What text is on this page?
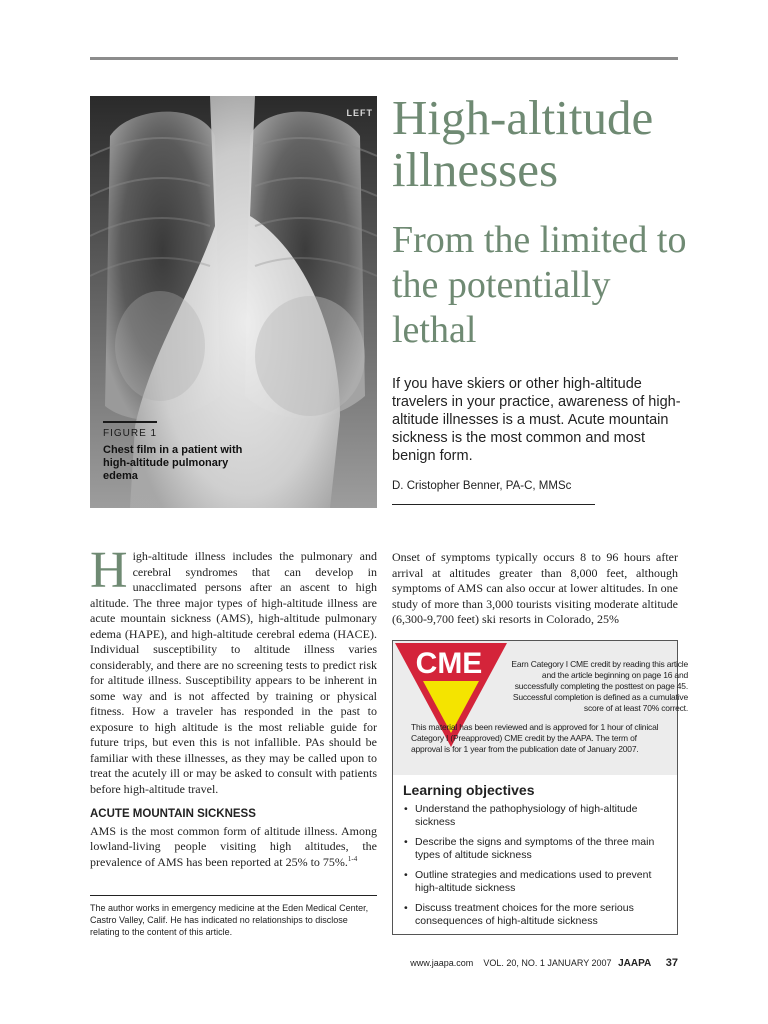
LEFT
FIGURE 1
Chest film in a patient with high-altitude pulmonary edema
High-altitude illnesses
From the limited to the potentially lethal
If you have skiers or other high-altitude travelers in your practice, awareness of high-altitude illnesses is a must. Acute mountain sickness is the most common and most benign form.
D. Cristopher Benner, PA-C, MMSc
H igh-altitude illness includes the pulmonary and cerebral syndromes that can develop in unacclimated persons after an ascent to high altitude. The three major types of high-altitude illness are acute mountain sickness (AMS), high-altitude pulmonary edema (HAPE), and high-altitude cerebral edema (HACE). Individual susceptibility to altitude illness varies considerably, and there are no screening tests to predict risk for altitude illness. Susceptibility appears to be inherent in some way and is not affected by training or physical fitness. How a traveler has responded in the past to exposure to high altitude is the most reliable guide for future trips, but even this is not infallible. PAs should be familiar with these illnesses, as they may be called upon to treat the acutely ill or may be asked to consult with patients before high-altitude travel.

ACUTE MOUNTAIN SICKNESS

AMS is the most common form of altitude illness. Among lowland-living people visiting high altitudes, the prevalence of AMS has been reported at 25% to 75%.$^{1-4}$

Onset of symptoms typically occurs 8 to 96 hours after arrival at altitudes greater than 8,000 feet, although symptoms of AMS can also occur at lower altitudes. In one study of more than 3,000 tourists visiting moderate altitude (6,300-9,700 feet) ski resorts in Colorado, 25%

The author works in emergency medicine at the Eden Medical Center, Castro Valley, Calif. He has indicated no relationships to disclose relating to the content of this article.
CME	Earn Category I CME credit by reading this article and the article beginning on page 16 and successfully completing the posttest on page 45. Successful completion is defined as a cumulative score of at least 70% correct.
This material has been reviewed and is approved for 1 hour of clinical Category I (Preapproved) CME credit by the AAPA. The term of approval is for 1 year from the publication date of January 2007.
Learning objectives
• Understand the pathophysiology of high-altitude sickness
• Describe the signs and symptoms of the three main types of altitude sickness
• Outline strategies and medications used to prevent high-altitude sickness
• Discuss treatment choices for the more serious consequences of high-altitude sickness
www.jaapa.com VOL. 20, NO. 1 JANUARY 2007 JAAPA 37
